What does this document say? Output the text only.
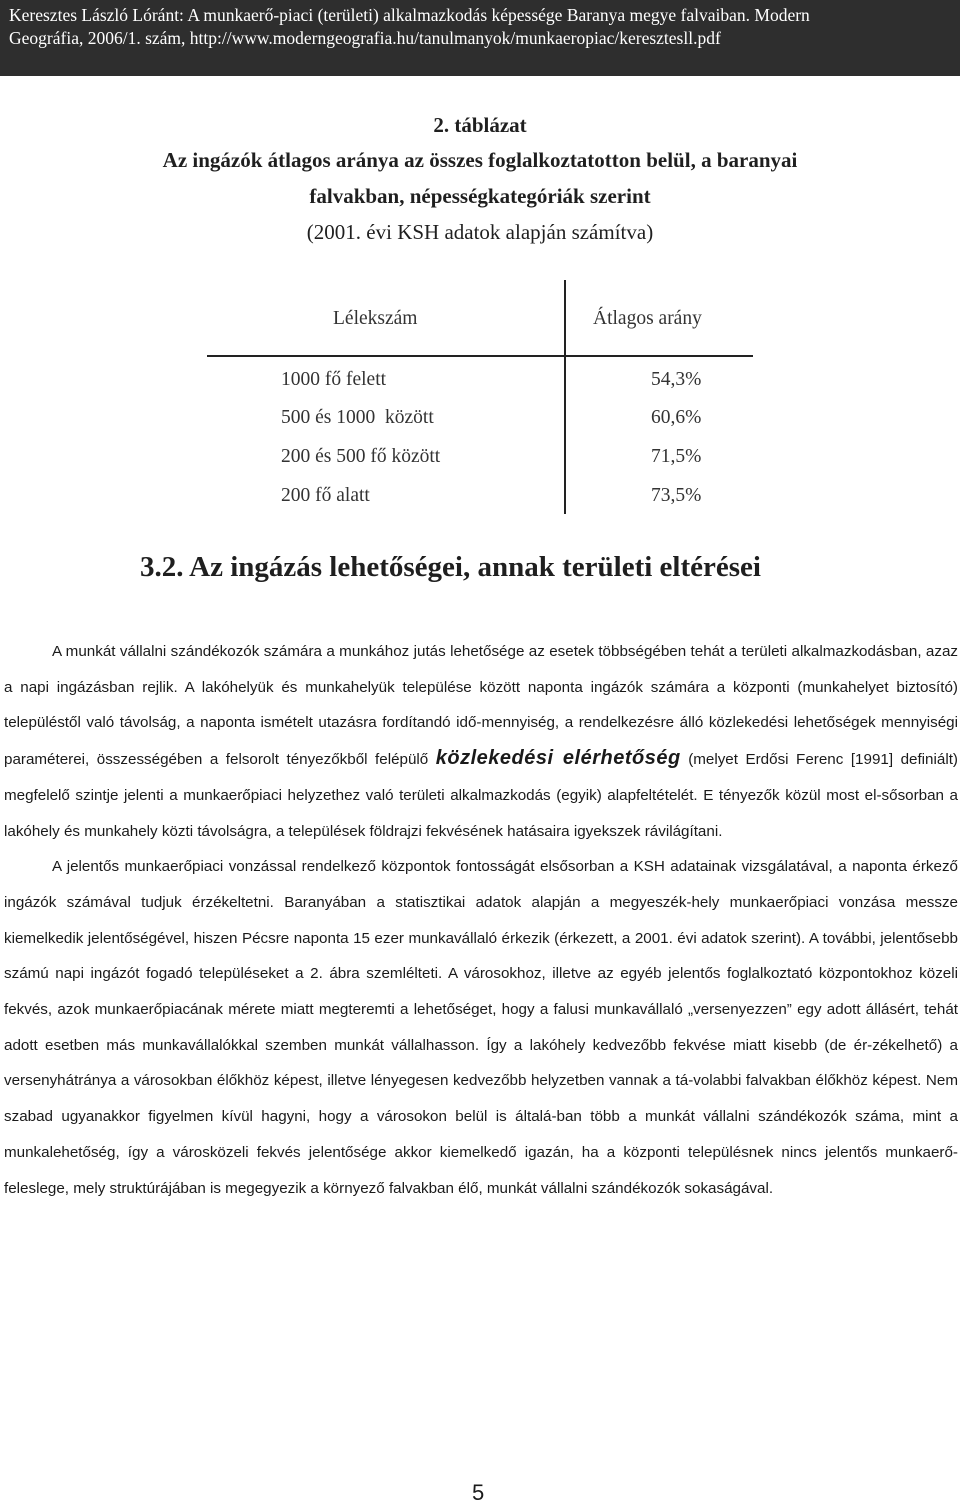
Keresztes László Lóránt: A munkaerő-piaci (területi) alkalmazkodás képessége Baranya megye falvaiban. Modern
Geográfia, 2006/1. szám, http://www.moderngeografia.hu/tanulmanyok/munkaeropiac/keresztesll.pdf
2. táblázat
Az ingázók átlagos aránya az összes foglalkoztatotton belül, a baranyai
falvakban, népességkategóriák szerint
(2001. évi KSH adatok alapján számítva)
Lélekszám	Átlagos arány
1000 fő felett	54,3%
500 és 1000  között	60,6%
200 és 500 fő között	71,5%
200 fő alatt	73,5%
3.2. Az ingázás lehetőségei, annak területi eltérései
A munkát vállalni szándékozók számára a munkához jutás lehetősége az esetek többségében tehát a területi alkalmazkodásban, azaz a napi ingázásban rejlik. A lakóhelyük és munkahelyük települése között naponta ingázók számára a központi (munkahelyet biztosító) településtől való távolság, a naponta ismételt utazásra fordítandó idő-mennyiség, a rendelkezésre álló közlekedési lehetőségek mennyiségi paraméterei, összességében a felsorolt tényezőkből felépülő közlekedési elérhetőség (melyet Erdősi Ferenc [1991] definiált) megfelelő szintje jelenti a munkaerőpiaci helyzethez való területi alkalmazkodás (egyik) alapfeltételét. E tényezők közül most el-sősorban a lakóhely és munkahely közti távolságra, a települések földrajzi fekvésének hatásaira igyekszek rávilágítani.
A jelentős munkaerőpiaci vonzással rendelkező központok fontosságát elsősorban a KSH adatainak vizsgálatával, a naponta érkező ingázók számával tudjuk érzékeltetni. Baranyában a statisztikai adatok alapján a megyeszék-hely munkaerőpiaci vonzása messze kiemelkedik jelentőségével, hiszen Pécsre naponta 15 ezer munkavállaló érkezik (érkezett, a 2001. évi adatok szerint). A további, jelentősebb számú napi ingázót fogadó településeket a 2. ábra szemlélteti. A városokhoz, illetve az egyéb jelentős foglalkoztató központokhoz közeli fekvés, azok munkaerőpiacának mérete miatt megteremti a lehetőséget, hogy a falusi munkavállaló „versenyezzen” egy adott állásért, tehát adott esetben más munkavállalókkal szemben munkát vállalhasson. Így a lakóhely kedvezőbb fekvése miatt kisebb (de ér-zékelhető) a versenyhátránya a városokban élőkhöz képest, illetve lényegesen kedvezőbb helyzetben vannak a tá-volabbi falvakban élőkhöz képest. Nem szabad ugyanakkor figyelmen kívül hagyni, hogy a városokon belül is általá-ban több a munkát vállalni szándékozók száma, mint a munkalehetőség, így a városközeli fekvés jelentősége akkor kiemelkedő igazán, ha a központi településnek nincs jelentős munkaerő-feleslege, mely struktúrájában is megegyezik a környező falvakban élő, munkát vállalni szándékozók sokaságával.
5
